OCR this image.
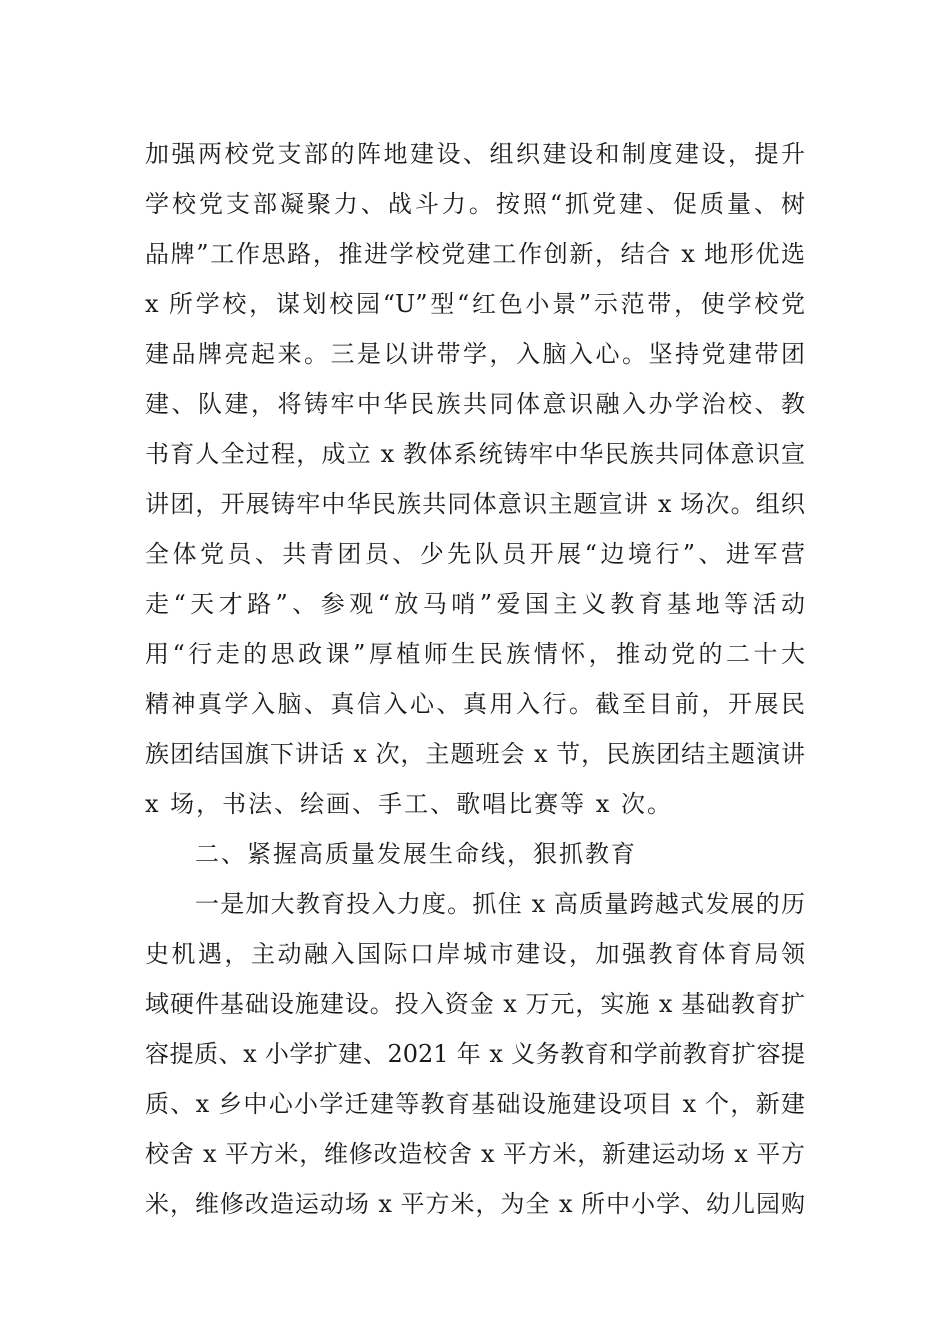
加强两校党支部的阵地建设、组织建设和制度建设，提升
学校党支部凝聚力、战斗力。按照“抓党建、促质量、树
品牌”工作思路，推进学校党建工作创新，结合 x 地形优选
x 所学校，谋划校园“U”型“红色小景”示范带，使学校党
建品牌亮起来。三是以讲带学，入脑入心。坚持党建带团
建、队建，将铸牢中华民族共同体意识融入办学治校、教
书育人全过程，成立 x 教体系统铸牢中华民族共同体意识宣
讲团，开展铸牢中华民族共同体意识主题宣讲 x 场次。组织
全体党员、共青团员、少先队员开展“边境行”、进军营
走“天才路”、参观“放马哨”爱国主义教育基地等活动
用“行走的思政课”厚植师生民族情怀，推动党的二十大
精神真学入脑、真信入心、真用入行。截至目前，开展民
族团结国旗下讲话 x 次，主题班会 x 节，民族团结主题演讲
x 场，书法、绘画、手工、歌唱比赛等 x 次。
二、紧握高质量发展生命线，狠抓教育
一是加大教育投入力度。抓住 x 高质量跨越式发展的历
史机遇，主动融入国际口岸城市建设，加强教育体育局领
域硬件基础设施建设。投入资金 x 万元，实施 x 基础教育扩
容提质、x 小学扩建、2021 年 x 义务教育和学前教育扩容提
质、x 乡中心小学迁建等教育基础设施建设项目 x 个，新建
校舍 x 平方米，维修改造校舍 x 平方米，新建运动场 x 平方
米，维修改造运动场 x 平方米，为全 x 所中小学、幼儿园购
